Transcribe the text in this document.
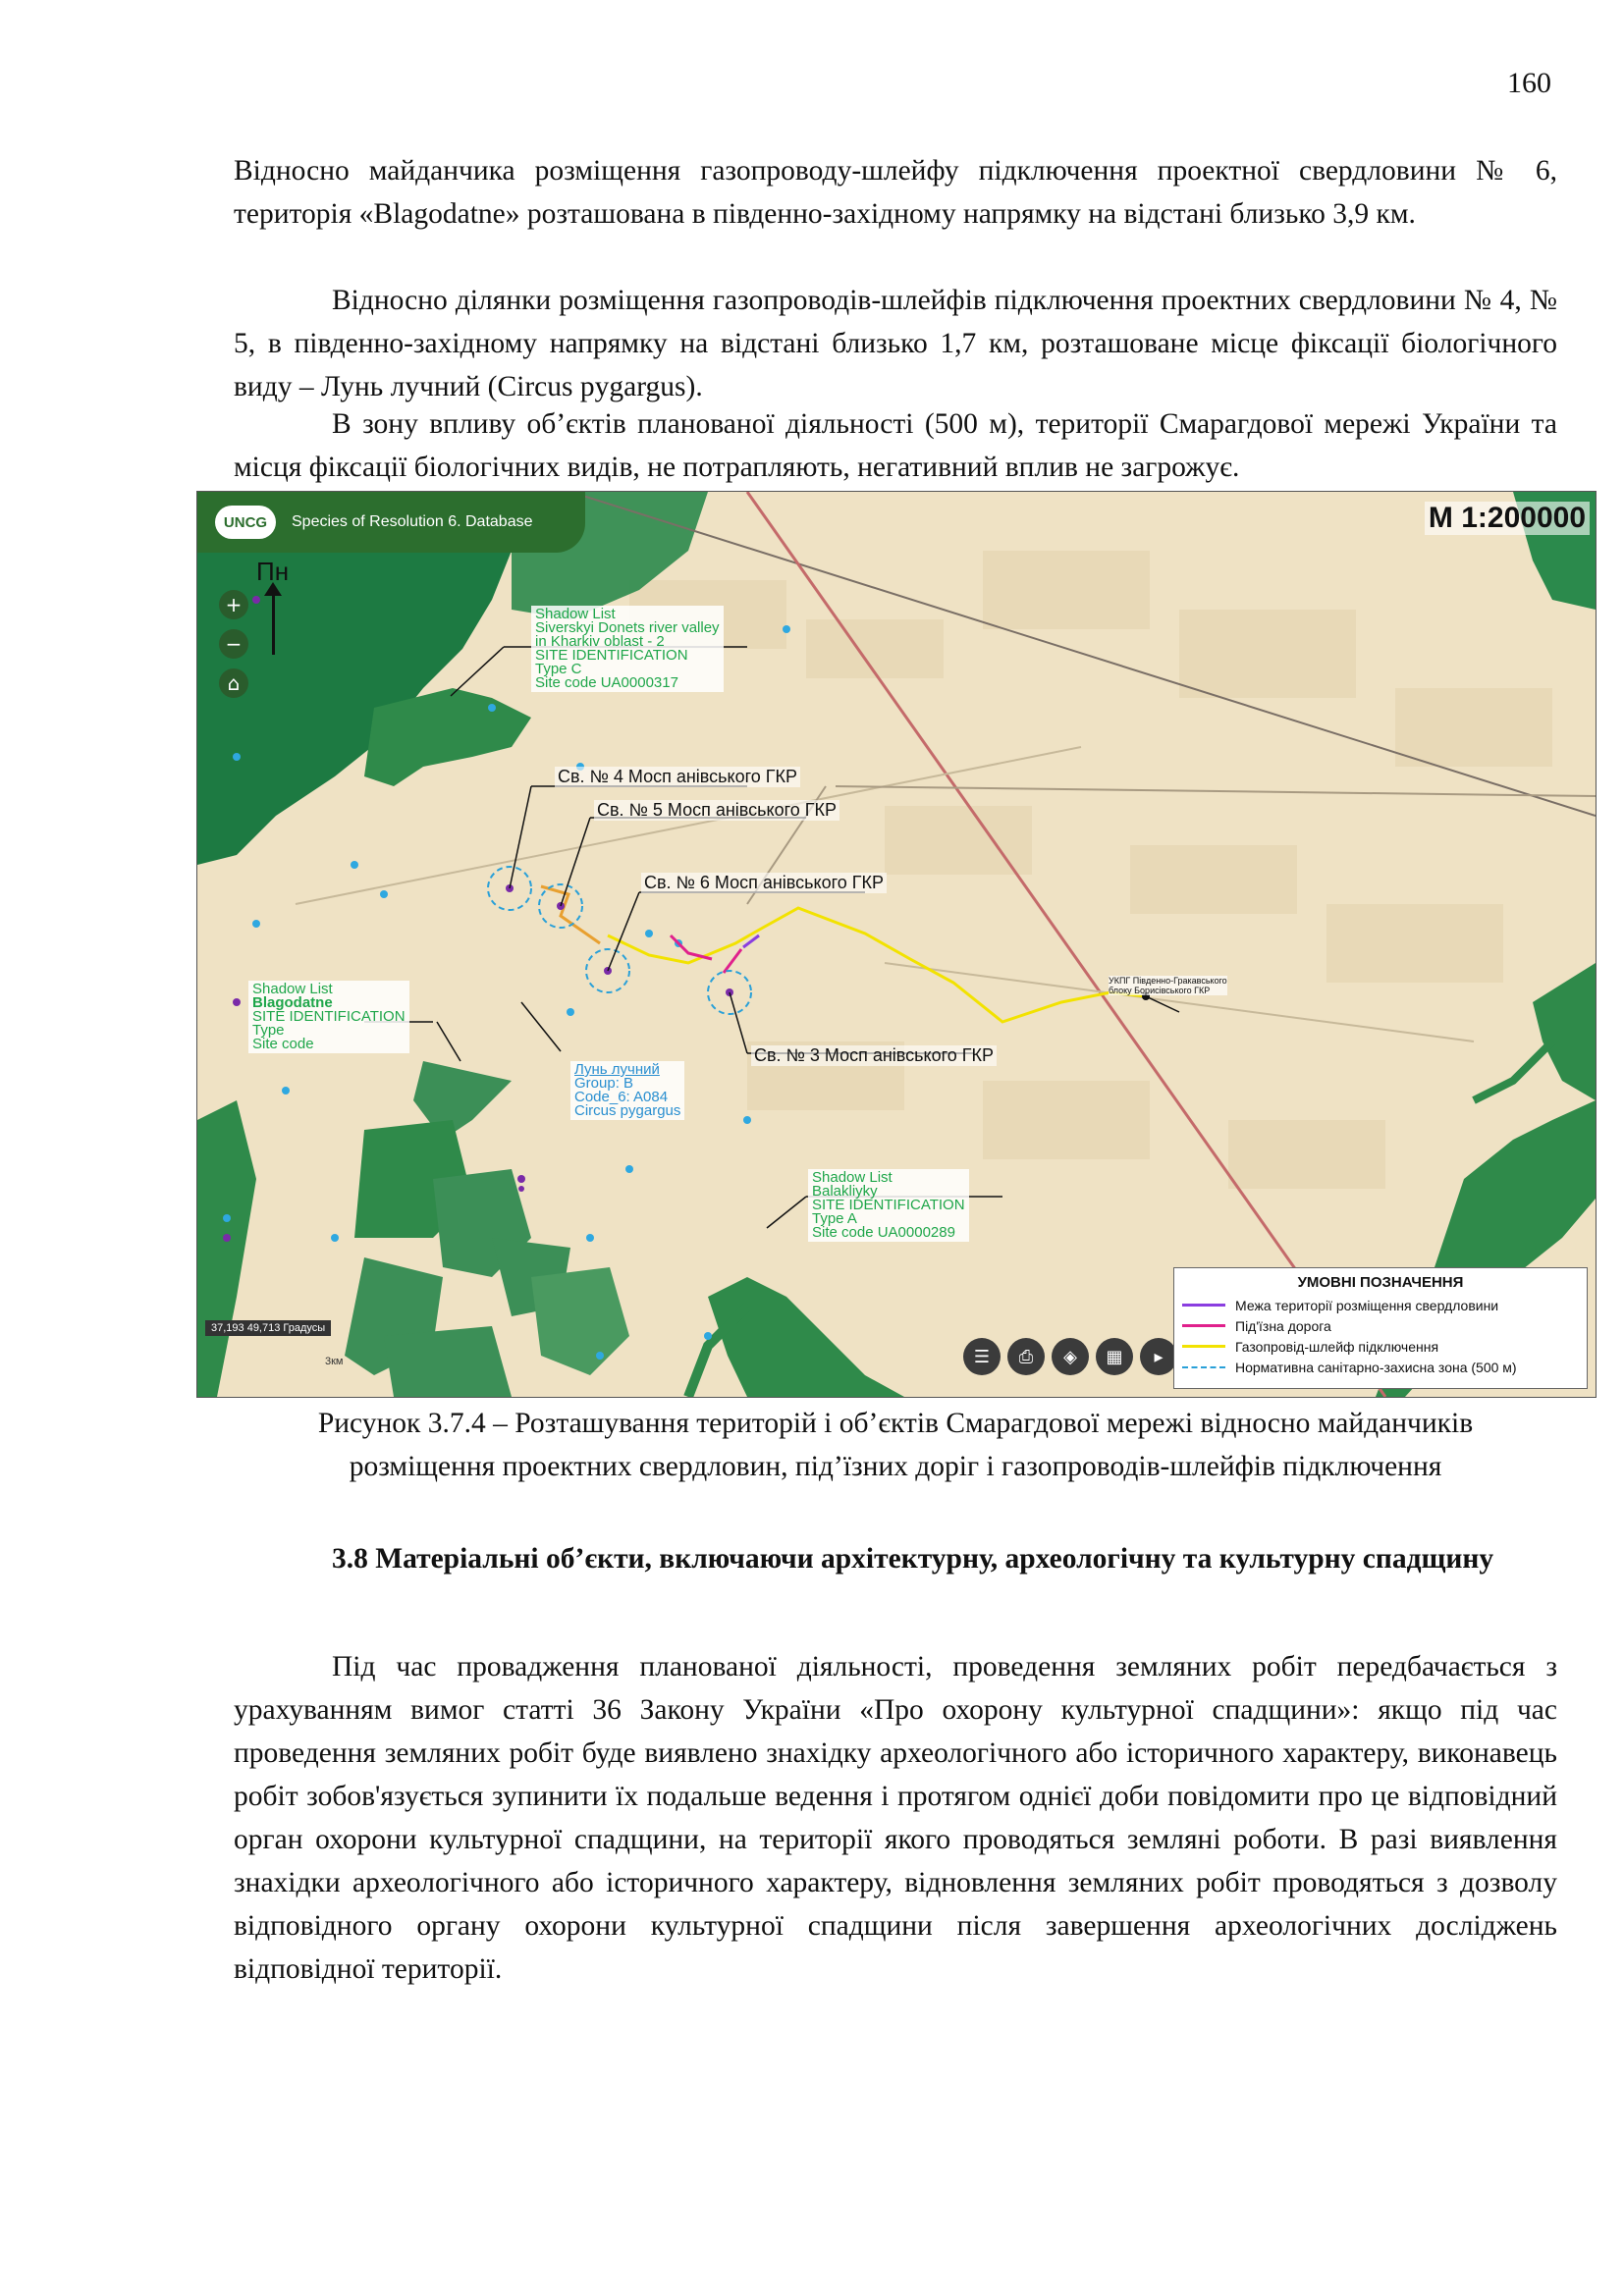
160

Відносно майданчика розміщення газопроводу-шлейфу підключення проектної свердловини № 6, територія «Blagodatne» розташована в південно-західному напрямку на відстані близько 3,9 км.

Відносно ділянки розміщення газопроводів-шлейфів підключення проектних свердловини № 4, № 5, в південно-західному напрямку на відстані близько 1,7 км, розташоване місце фіксації біологічного виду – Лунь лучний (Circus pygargus).

В зону впливу об’єктів планованої діяльності (500 м), території Смарагдової мережі України та місця фіксації біологічних видів, не потрапляють, негативний вплив не загрожує.

UNCG	Species of Resolution 6. Database	М 1:200000
Пн
+
−
⌂
Shadow List
Siverskyi Donets river valley
in Kharkiv oblast - 2
SITE IDENTIFICATION
Type C
Site code UA0000317
Shadow List
Blagodatne
SITE IDENTIFICATION
Type
Site code
Лунь лучний
Group: B
Code_6: A084
Circus pygargus
Shadow List
Balakliyky
SITE IDENTIFICATION
Type A
Site code UA0000289
Св. № 4 Мосп анівського ГКР
Св. № 5 Мосп анівського ГКР
Св. № 6 Мосп анівського ГКР
Св. № 3 Мосп анівського ГКР
УКПГ Південно-Гракавського
блоку Борисівського ГКР
37,193 49,713 Градусы
3км	☰	⎙	◈	▦	▸
УМОВНІ ПОЗНАЧЕННЯ
Межа території розміщення свердловини
Під'їзна дорога
Газопровід-шлейф підключення
Нормативна санітарно-захисна зона (500 м)
Рисунок 3.7.4 – Розташування територій і об’єктів Смарагдової мережі відносно майданчиків
розміщення проектних свердловин, під’їзних доріг і газопроводів-шлейфів підключення

3.8 Матеріальні об’єкти, включаючи архітектурну, археологічну та культурну спадщину

Під час провадження планованої діяльності, проведення земляних робіт передбачається з урахуванням вимог статті 36 Закону України «Про охорону культурної спадщини»: якщо під час проведення земляних робіт буде виявлено знахідку археологічного або історичного характеру, виконавець робіт зобов'язується зупинити їх подальше ведення і протягом однієї доби повідомити про це відповідний орган охорони культурної спадщини, на території якого проводяться земляні роботи. В разі виявлення знахідки археологічного або історичного характеру, відновлення земляних робіт проводяться з дозволу відповідного органу охорони культурної спадщини після завершення археологічних досліджень відповідної території.
